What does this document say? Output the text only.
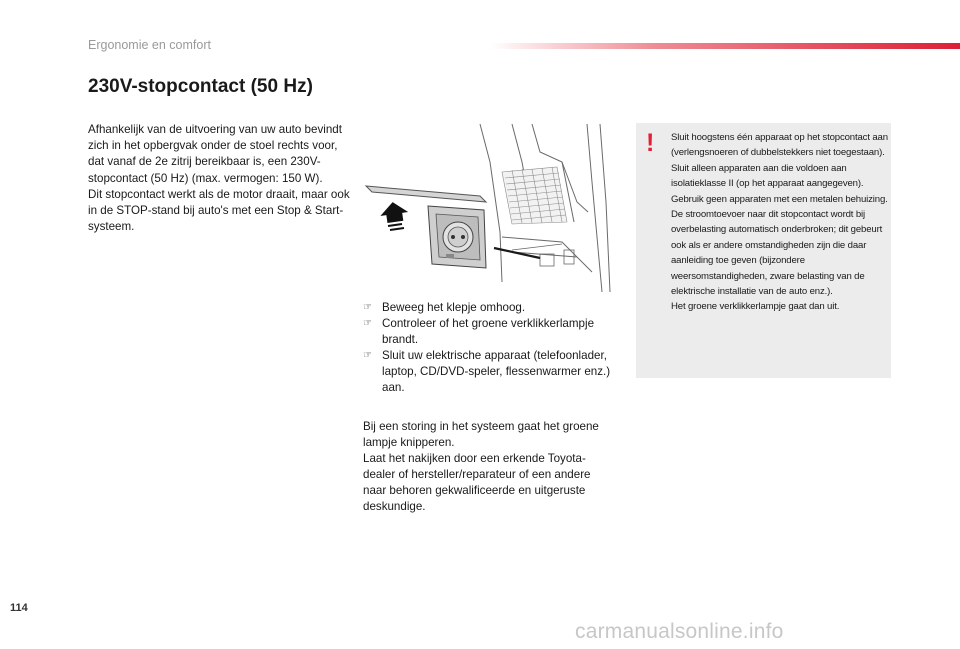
Ergonomie en comfort
230V-stopcontact (50 Hz)

Afhankelijk van de uitvoering van uw auto bevindt zich in het opbergvak onder de stoel rechts voor, dat vanaf de 2e zitrij bereikbaar is, een 230V-stopcontact (50 Hz) (max. vermogen: 150 W).

Dit stopcontact werkt als de motor draait, maar ook in de STOP-stand bij auto's met een Stop & Start-systeem.

☞ Beweeg het klepje omhoog.
☞ Controleer of het groene verklikkerlampje brandt.
☞ Sluit uw elektrische apparaat (telefoonlader, laptop, CD/DVD-speler, flessenwarmer enz.) aan.

Bij een storing in het systeem gaat het groene lampje knipperen.

Laat het nakijken door een erkende Toyota-dealer of hersteller/reparateur of een andere naar behoren gekwalificeerde en uitgeruste deskundige.

! Sluit hoogstens één apparaat op het stopcontact aan (verlengsnoeren of dubbelstekkers niet toegestaan).

Sluit alleen apparaten aan die voldoen aan isolatieklasse II (op het apparaat aangegeven).

Gebruik geen apparaten met een metalen behuizing.

De stroomtoevoer naar dit stopcontact wordt bij overbelasting automatisch onderbroken; dit gebeurt ook als er andere omstandigheden zijn die daar aanleiding toe geven (bijzondere weersomstandigheden, zware belasting van de elektrische installatie van de auto enz.).

Het groene verklikkerlampje gaat dan uit.

114
carmanualsonline.info
